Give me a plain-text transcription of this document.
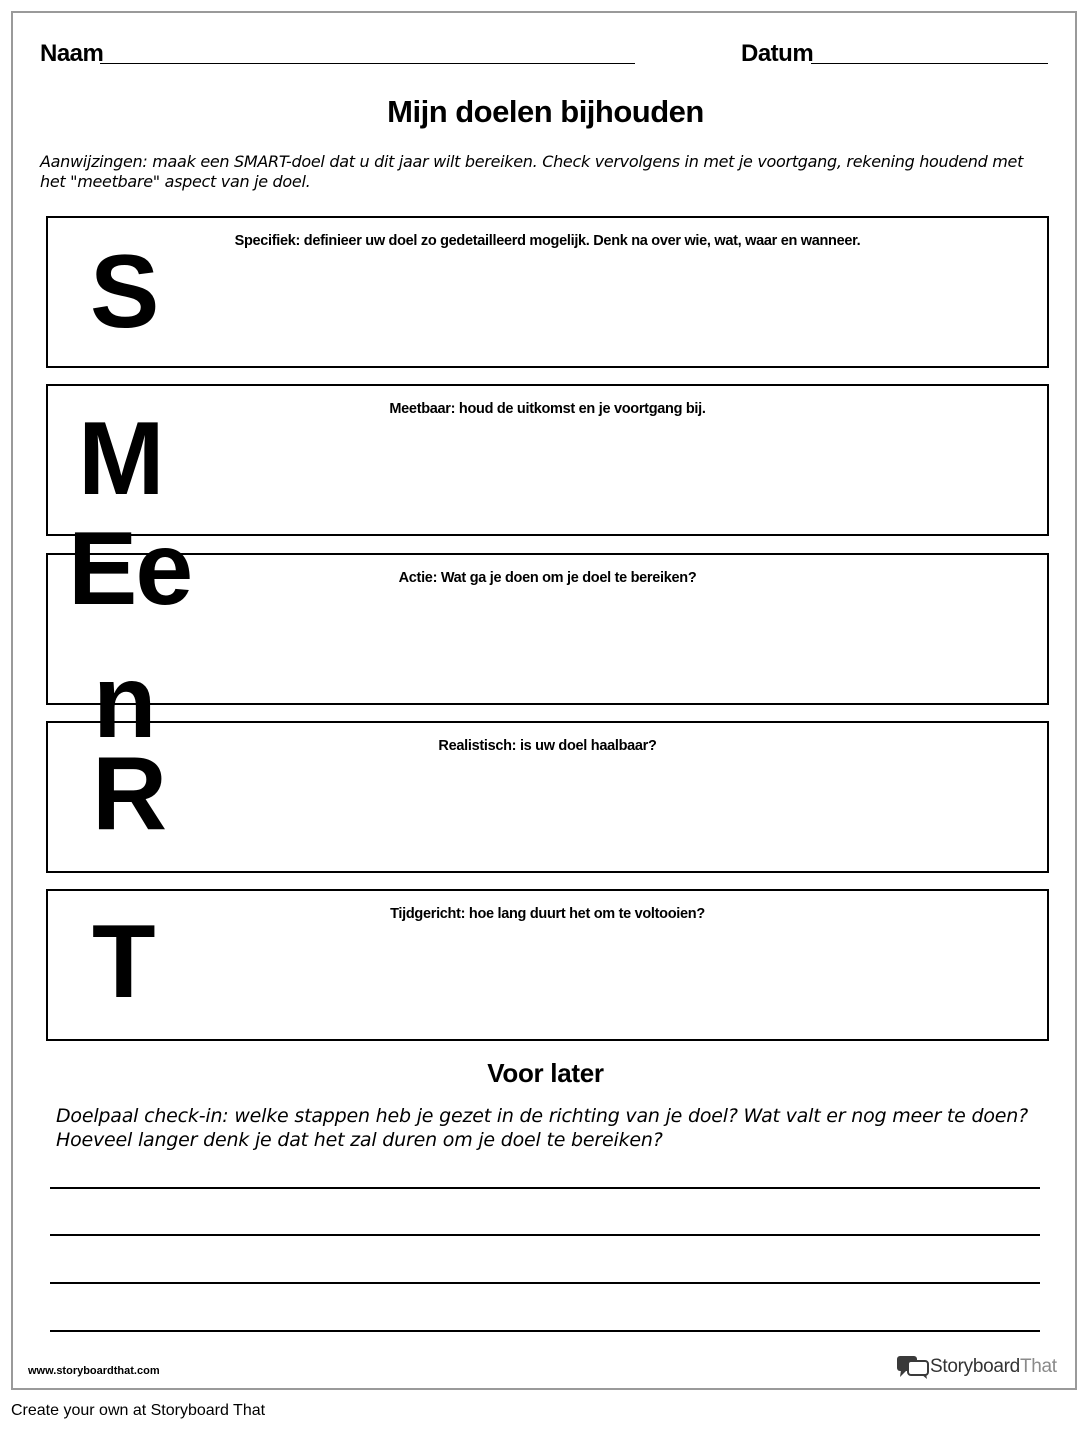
Naam	Datum
Mijn doelen bijhouden
Aanwijzingen: maak een SMART-doel dat u dit jaar wilt bereiken. Check vervolgens in met je voortgang, rekening houdend met het "meetbare" aspect van je doel.
Specifiek: definieer uw doel zo gedetailleerd mogelijk. Denk na over wie, wat, waar en wanneer.
Meetbaar: houd de uitkomst en je voortgang bij.
Actie: Wat ga je doen om je doel te bereiken?
Realistisch: is uw doel haalbaar?
Tijdgericht: hoe lang duurt het om te voltooien?
S
M
Ee
n
R
T
Voor later
Doelpaal check-in: welke stappen heb je gezet in de richting van je doel? Wat valt er nog meer te doen? Hoeveel langer denk je dat het zal duren om je doel te bereiken?
www.storyboardthat.com	StoryboardThat
Create your own at Storyboard That
